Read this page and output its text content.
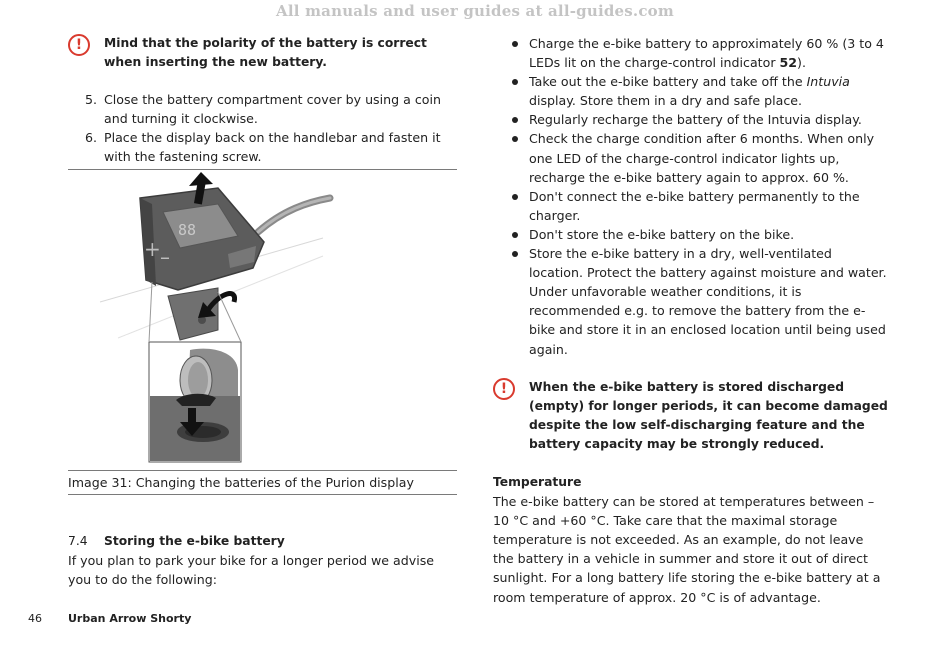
All manuals and user guides at all-guides.com
!	Mind that the polarity of the battery is correct when inserting the new battery.
5. Close the battery compartment cover by using a coin and turning it clockwise.
6. Place the display back on the handlebar and fasten it with the fastening screw.
88
+ –
Image 31: Changing the batteries of the Purion display
7.4 Storing the e-bike battery
If you plan to park your bike for a longer period we advise you to do the following:
Charge the e-bike battery to approximately 60 % (3 to 4 LEDs lit on the charge-control indicator 52).
Take out the e-bike battery and take off the Intuvia display. Store them in a dry and safe place.
Regularly recharge the battery of the Intuvia display.
Check the charge condition after 6 months. When only one LED of the charge-control indicator lights up, recharge the e-bike battery again to approx. 60 %.
Don't connect the e-bike battery permanently to the charger.
Don't store the e-bike battery on the bike.
Store the e-bike battery in a dry, well-ventilated location. Protect the battery against moisture and water. Under unfavorable weather conditions, it is recommended e.g. to remove the battery from the e-bike and store it in an enclosed location until being used again.
!	When the e-bike battery is stored discharged (empty) for longer periods, it can become damaged despite the low self-discharging feature and the battery capacity may be strongly reduced.
Temperature
The e-bike battery can be stored at temperatures between –10 °C and +60 °C. Take care that the maximal storage temperature is not exceeded. As an example, do not leave the battery in a vehicle in summer and store it out of direct sunlight. For a long battery life storing the e-bike battery at a room temperature of approx. 20 °C is of advantage.
46 Urban Arrow Shorty
